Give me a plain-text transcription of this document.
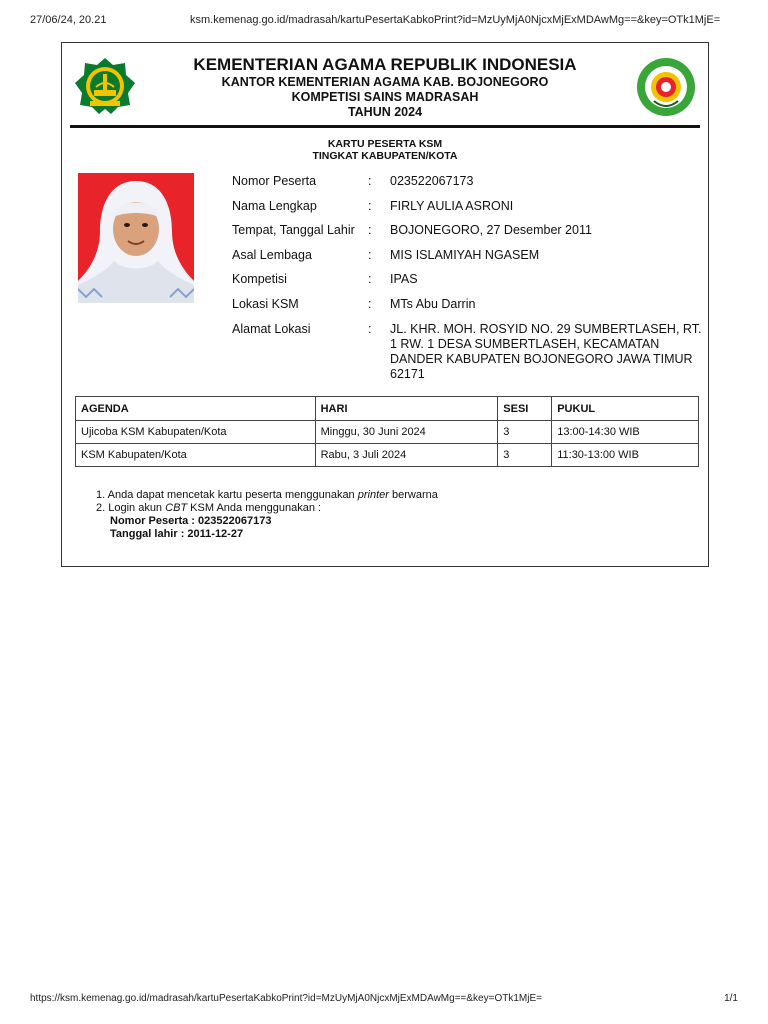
27/06/24, 20.21	ksm.kemenag.go.id/madrasah/kartuPesertaKabkoPrint?id=MzUyMjA0NjcxMjExMDAwMg==&key=OTk1MjE=
KEMENTERIAN AGAMA REPUBLIK INDONESIA
KANTOR KEMENTERIAN AGAMA KAB. BOJONEGORO
KOMPETISI SAINS MADRASAH
TAHUN 2024
KARTU PESERTA KSM
TINGKAT KABUPATEN/KOTA
Nomor Peserta	: 023522067173
Nama Lengkap	: FIRLY AULIA ASRONI
Tempat, Tanggal Lahir : BOJONEGORO, 27 Desember 2011
Asal Lembaga	: MIS ISLAMIYAH NGASEM
Kompetisi	: IPAS
Lokasi KSM	: MTs Abu Darrin
Alamat Lokasi	: JL. KHR. MOH. ROSYID NO. 29 SUMBERTLASEH, RT. 1 RW. 1 DESA SUMBERTLASEH, KECAMATAN DANDER KABUPATEN BOJONEGORO JAWA TIMUR 62171
AGENDA	HARI	SESI	PUKUL
Ujicoba KSM Kabupaten/Kota	Minggu, 30 Juni 2024	3	13:00-14:30 WIB
KSM Kabupaten/Kota	Rabu, 3 Juli 2024	3	11:30-13:00 WIB
1. Anda dapat mencetak kartu peserta menggunakan printer berwarna
2. Login akun CBT KSM Anda menggunakan :
Nomor Peserta : 023522067173
Tanggal lahir : 2011-12-27
https://ksm.kemenag.go.id/madrasah/kartuPesertaKabkoPrint?id=MzUyMjA0NjcxMjExMDAwMg==&key=OTk1MjE=	1/1
